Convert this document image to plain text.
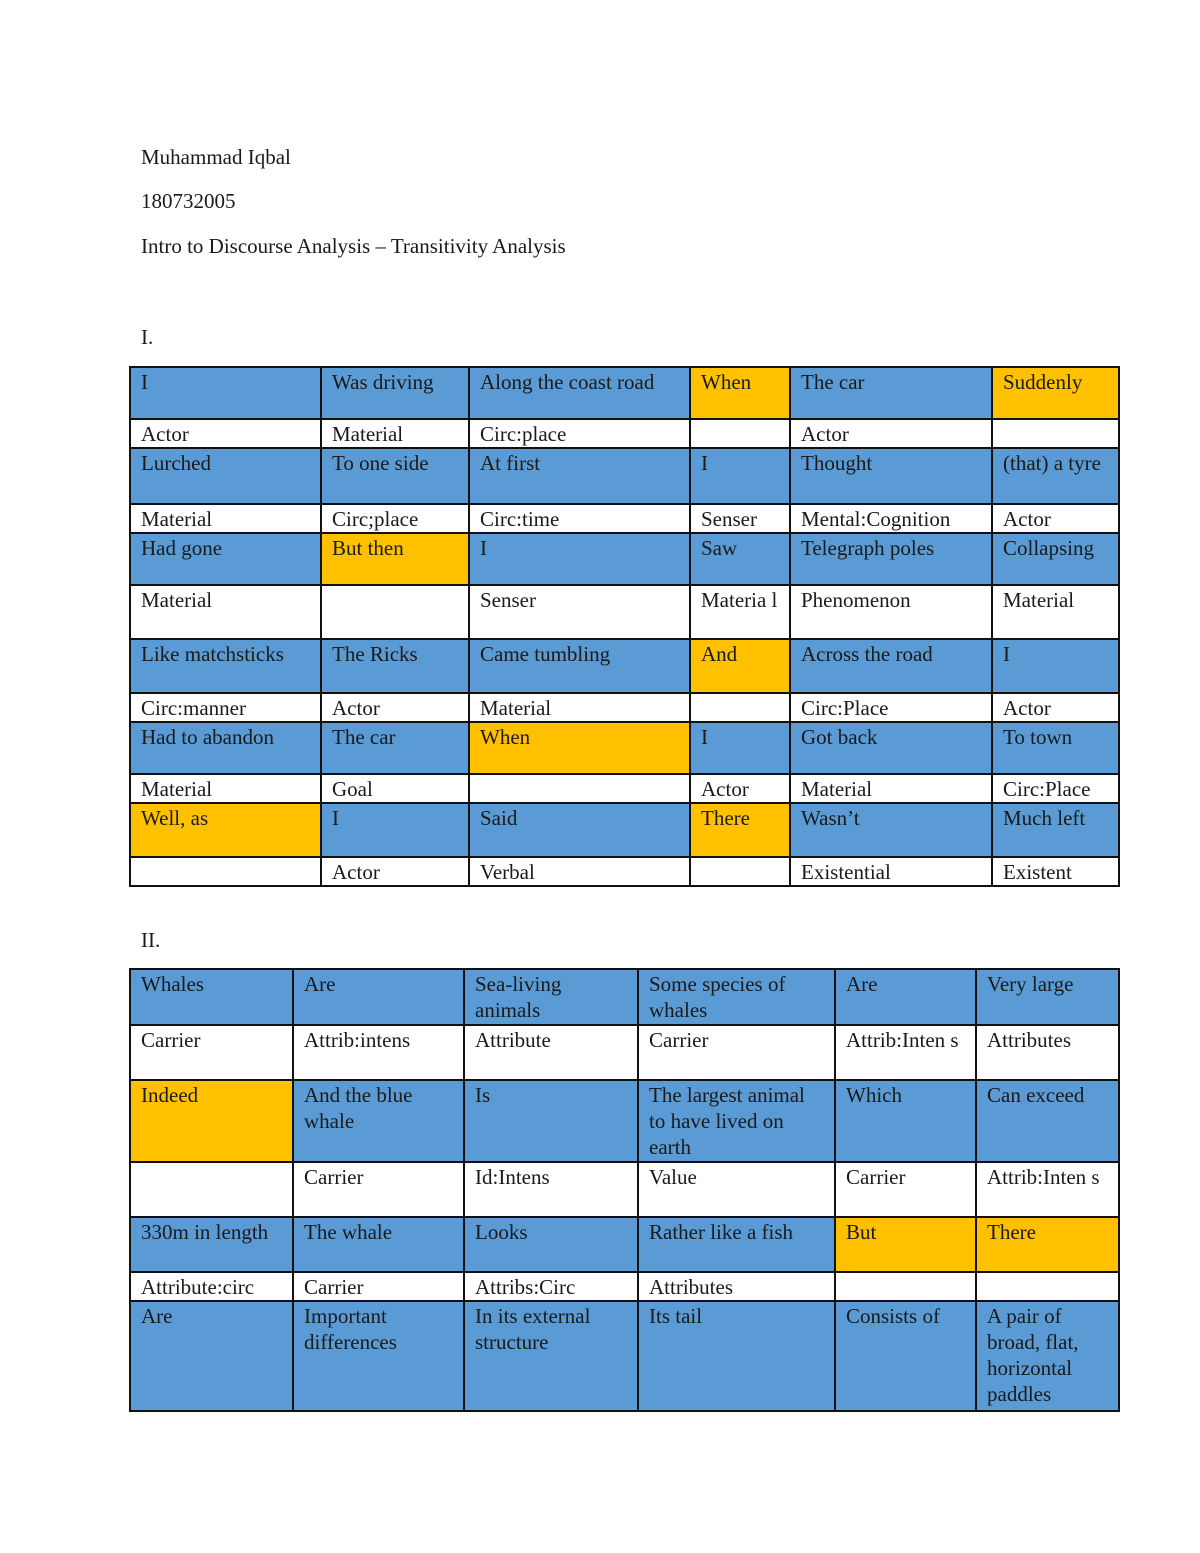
Muhammad Iqbal
180732005
Intro to Discourse Analysis – Transitivity Analysis
I.
I	Was driving	Along the coast road	When	The car	Suddenly
Actor	Material	Circ:place		Actor	
Lurched	To one side	At first	I	Thought	(that) a tyre
Material	Circ;place	Circ:time	Senser	Mental:Cognition	Actor
Had gone	But then	I	Saw	Telegraph poles	Collapsing
Material		Senser	Materia l	Phenomenon	Material
Like matchsticks	The Ricks	Came tumbling	And	Across the road	I
Circ:manner	Actor	Material		Circ:Place	Actor
Had to abandon	The car	When	I	Got back	To town
Material	Goal		Actor	Material	Circ:Place
Well, as	I	Said	There	Wasn’t	Much left
	Actor	Verbal		Existential	Existent
II.
Whales	Are	Sea-living animals	Some species of whales	Are	Very large
Carrier	Attrib:intens	Attribute	Carrier	Attrib:Inten s	Attributes
Indeed	And the blue whale	Is	The largest animal to have lived on earth	Which	Can exceed
	Carrier	Id:Intens	Value	Carrier	Attrib:Inten s
330m in length	The whale	Looks	Rather like a fish	But	There
Attribute:circ	Carrier	Attribs:Circ	Attributes		
Are	Important differences	In its external structure	Its tail	Consists of	A pair of broad, flat, horizontal paddles
